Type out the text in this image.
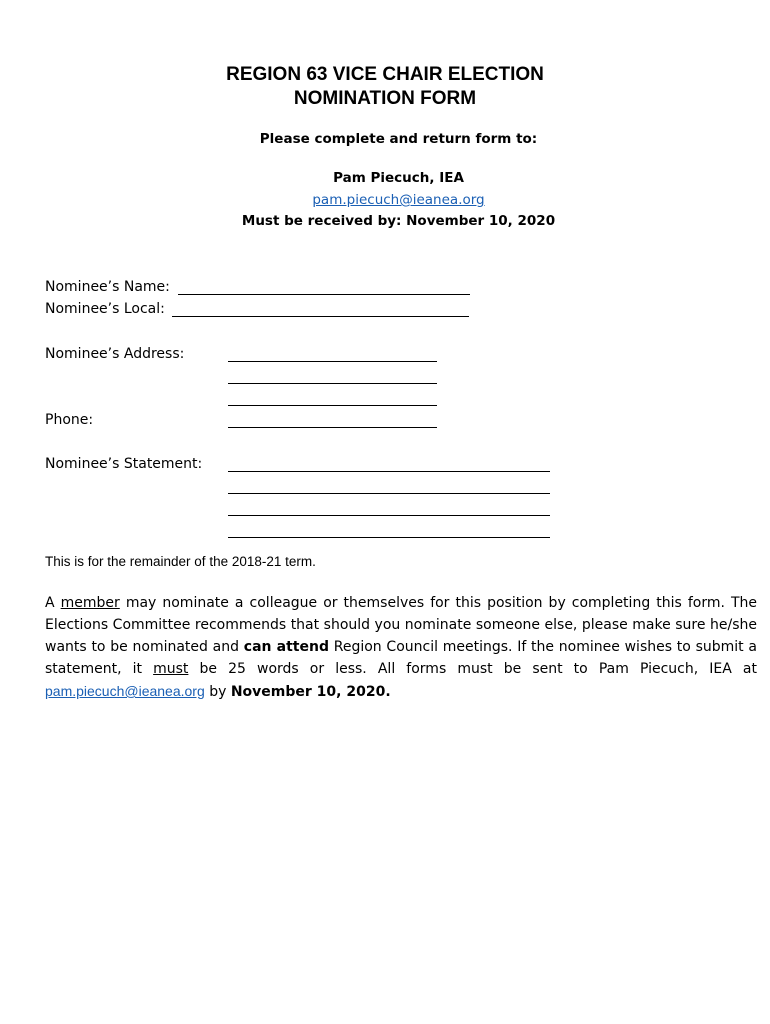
REGION 63 VICE CHAIR ELECTION
NOMINATION FORM
Please complete and return form to:
Pam Piecuch, IEA
pam.piecuch@ieanea.org
Must be received by: November 10, 2020
Nominee’s Name:
Nominee’s Local:
Nominee’s Address:
Phone:
Nominee’s Statement:
This is for the remainder of the 2018-21 term.
A member may nominate a colleague or themselves for this position by completing this form. The Elections Committee recommends that should you nominate someone else, please make sure he/she wants to be nominated and can attend Region Council meetings. If the nominee wishes to submit a statement, it must be 25 words or less. All forms must be sent to Pam Piecuch, IEA at pam.piecuch@ieanea.org by November 10, 2020.
